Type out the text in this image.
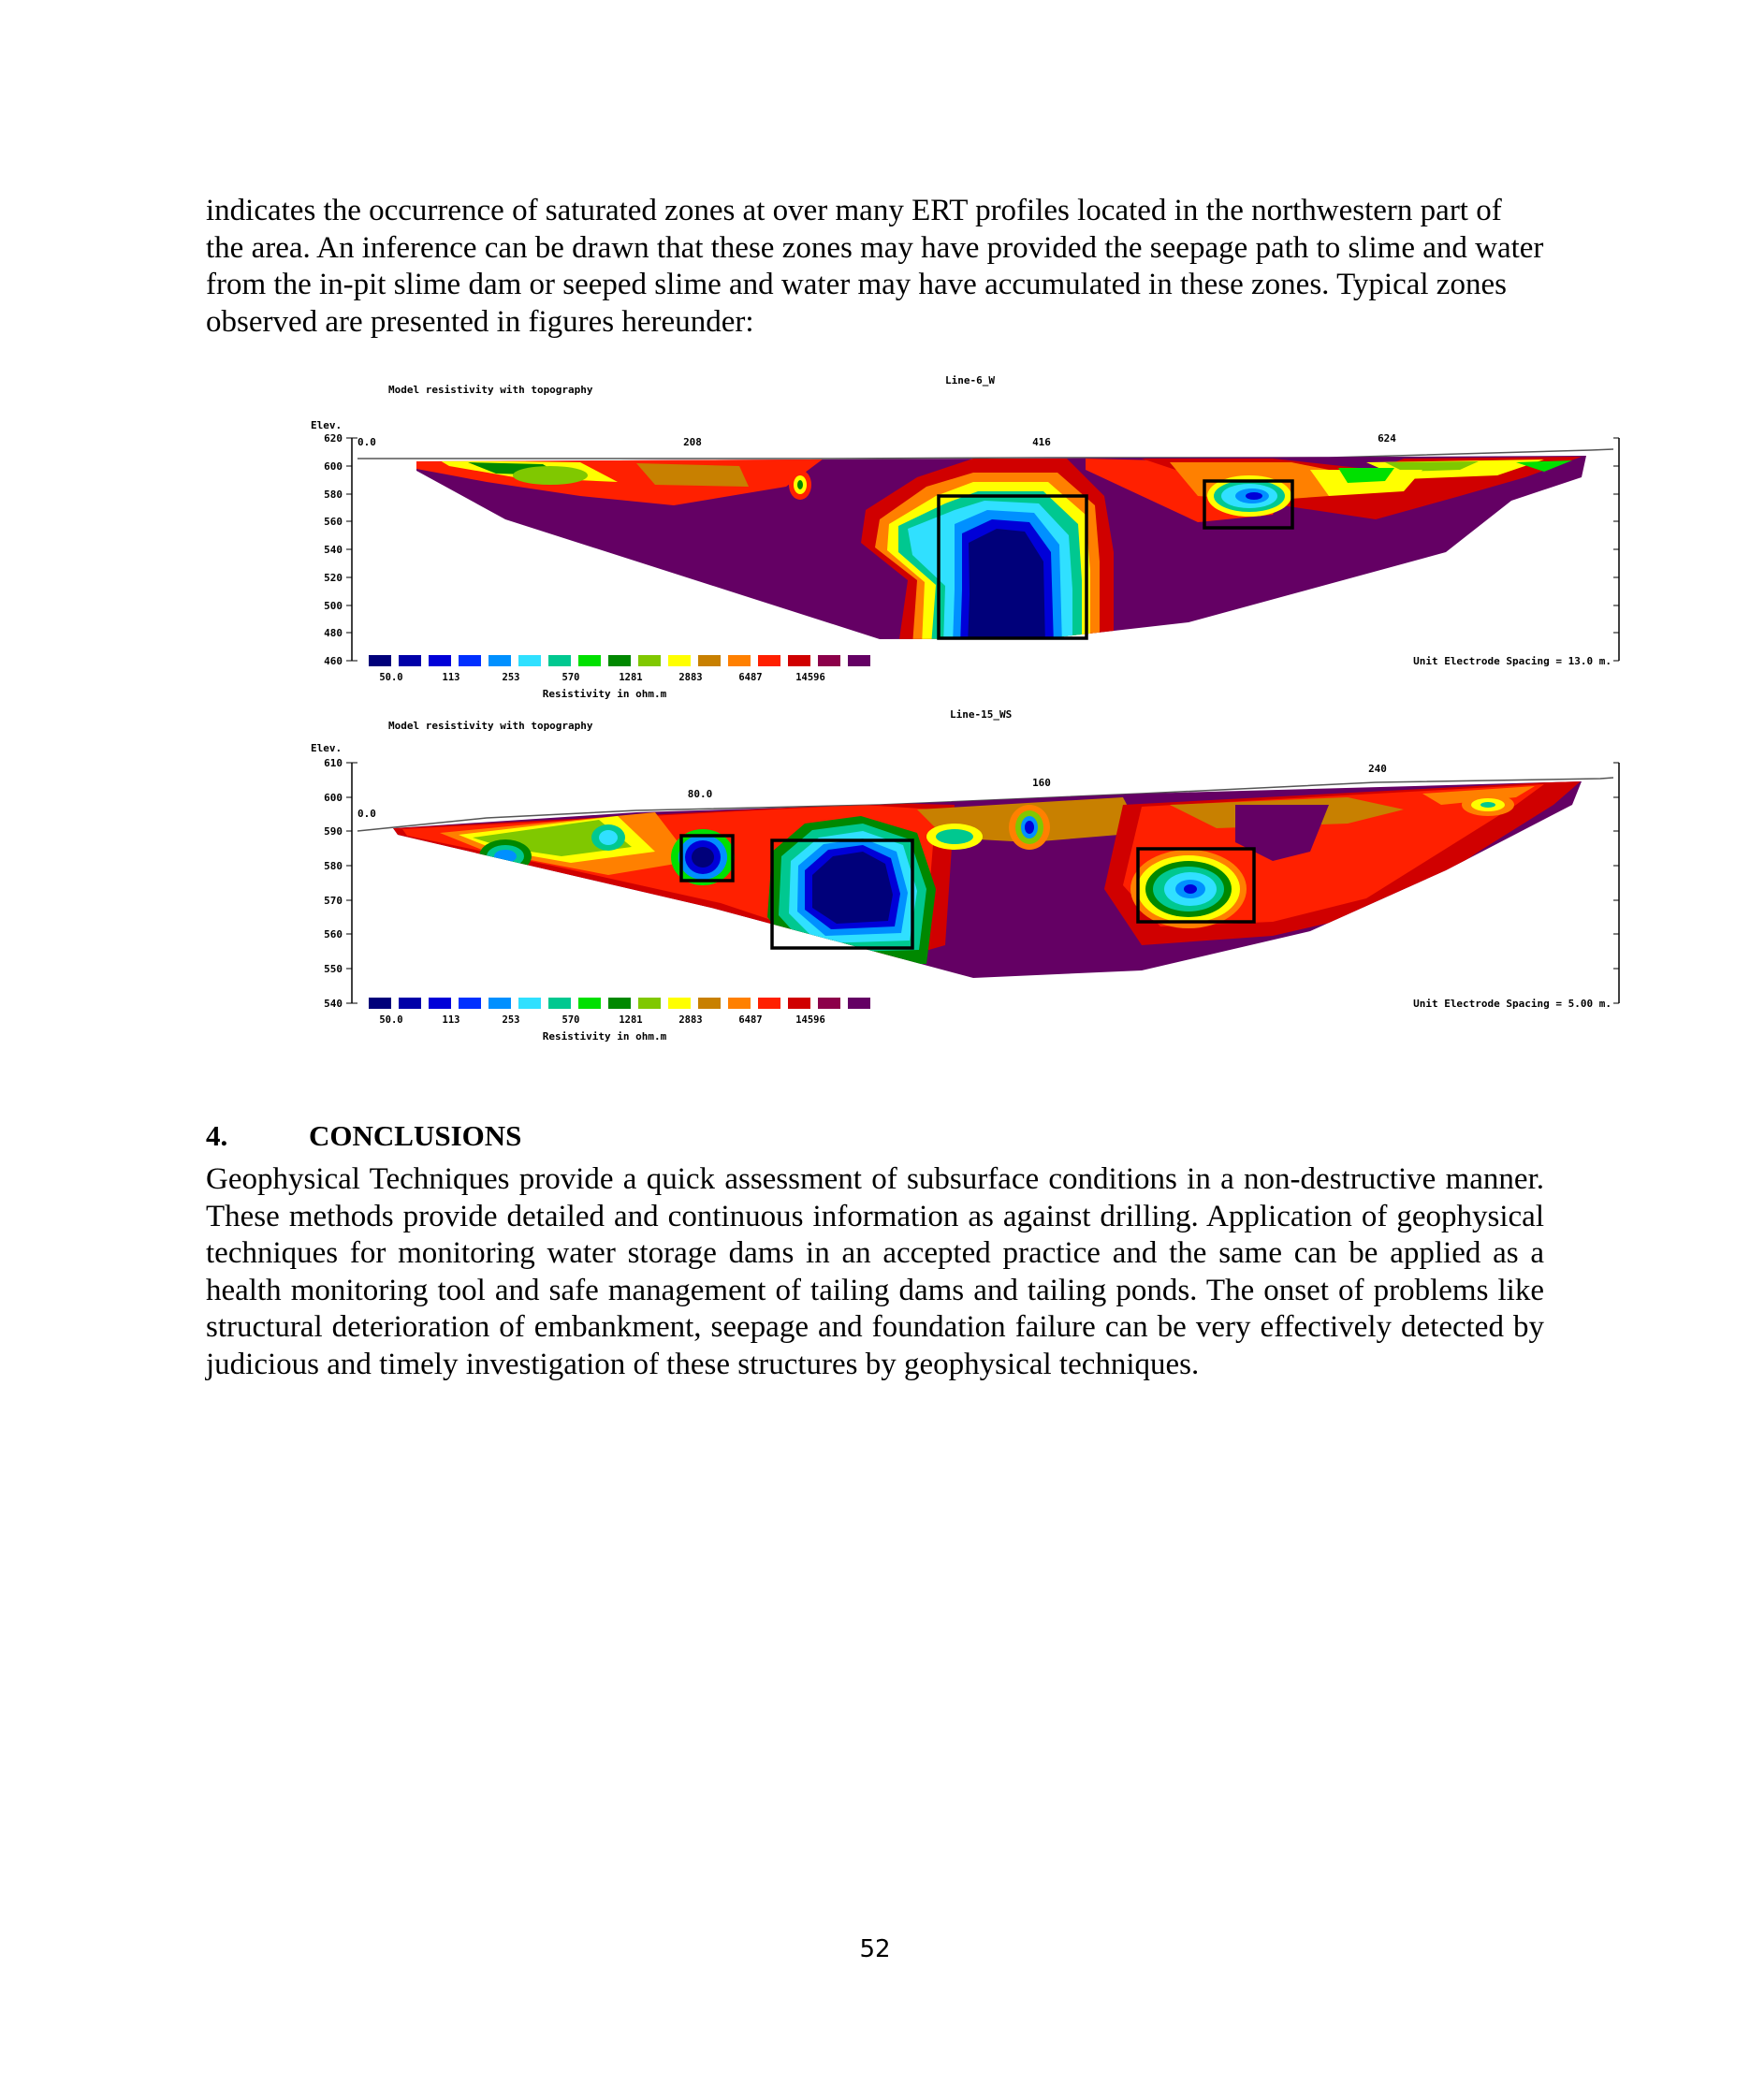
indicates the occurrence of saturated zones at over many ERT profiles located in the northwestern part of the area. An inference can be drawn that these zones may have provided the seepage path to slime and water from the in-pit slime dam or seeped slime and water may have accumulated in these zones. Typical zones observed are presented in figures hereunder:

Model resistivity with topography
Line-6_W
Elev.
620
600
580
560
540
520
500
480
460
0.0	208	416	624
Unit Electrode Spacing = 13.0 m.
50.0	113	253	570	1281	2883	6487	14596
Resistivity in ohm.m
Model resistivity with topography
Line-15_WS
Elev.
610
600
590
580
570
560
550
540
0.0
80.0
160
240
Unit Electrode Spacing = 5.00 m.
50.0	113	253	570	1281	2883	6487	14596
Resistivity in ohm.m
4.	CONCLUSIONS

Geophysical Techniques provide a quick assessment of subsurface conditions in a non-destructive manner. These methods provide detailed and continuous information as against drilling. Application of geophysical techniques for monitoring water storage dams in an accepted practice and the same can be applied as a health monitoring tool and safe management of tailing dams and tailing ponds. The onset of problems like structural deterioration of embankment, seepage and foundation failure can be very effectively detected by judicious and timely investigation of these structures by geophysical techniques.

52
